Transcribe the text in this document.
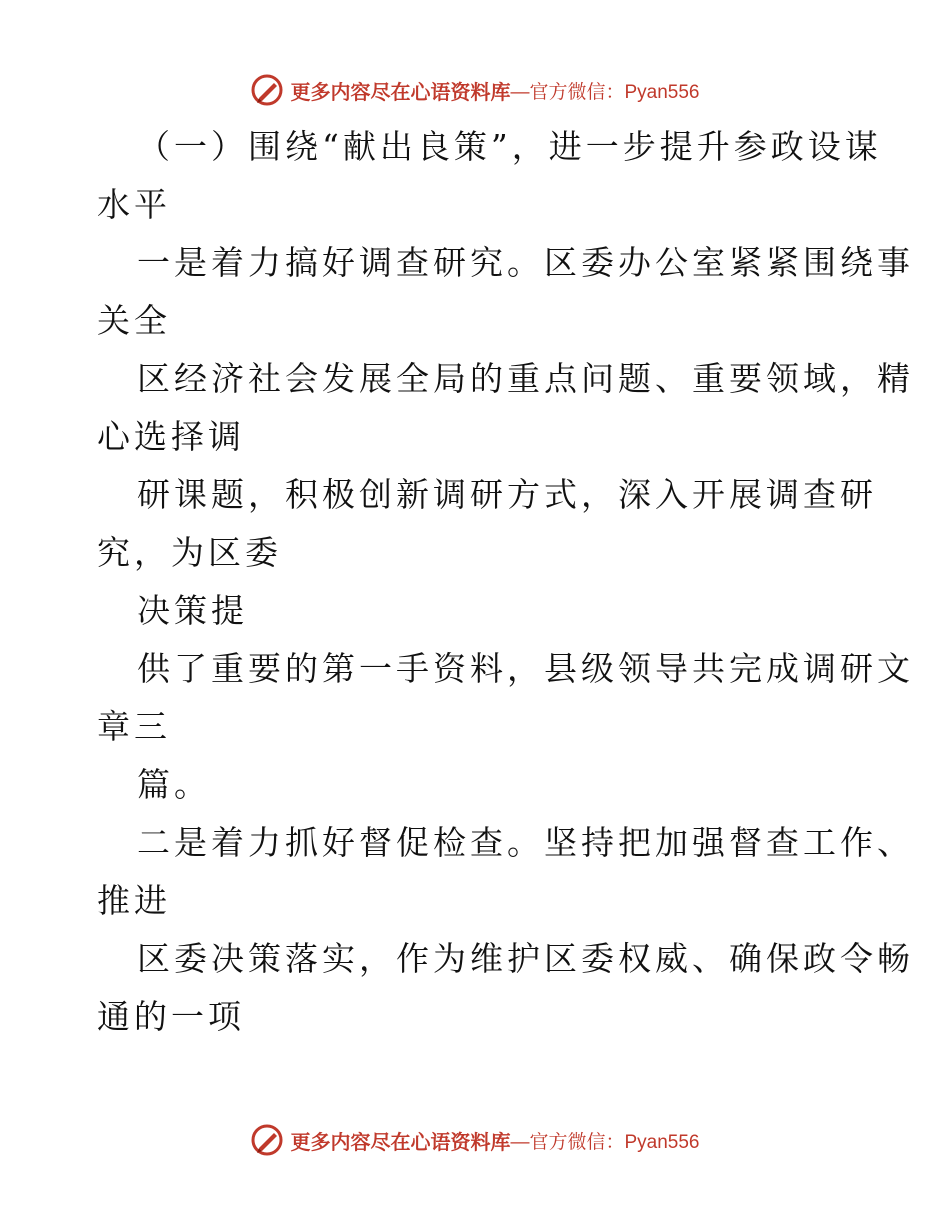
更多内容尽在心语资料库 —官方微信：Pyan556
（一）围绕“献出良策”，进一步提升参政设谋
水平
一是着力搞好调查研究。区委办公室紧紧围绕事
关全
区经济社会发展全局的重点问题、重要领域，精
心选择调
研课题，积极创新调研方式，深入开展调查研
究，为区委
决策提
供了重要的第一手资料，县级领导共完成调研文
章三
篇。
二是着力抓好督促检查。坚持把加强督查工作、
推进
区委决策落实，作为维护区委权威、确保政令畅
通的一项
更多内容尽在心语资料库 —官方微信：Pyan556
